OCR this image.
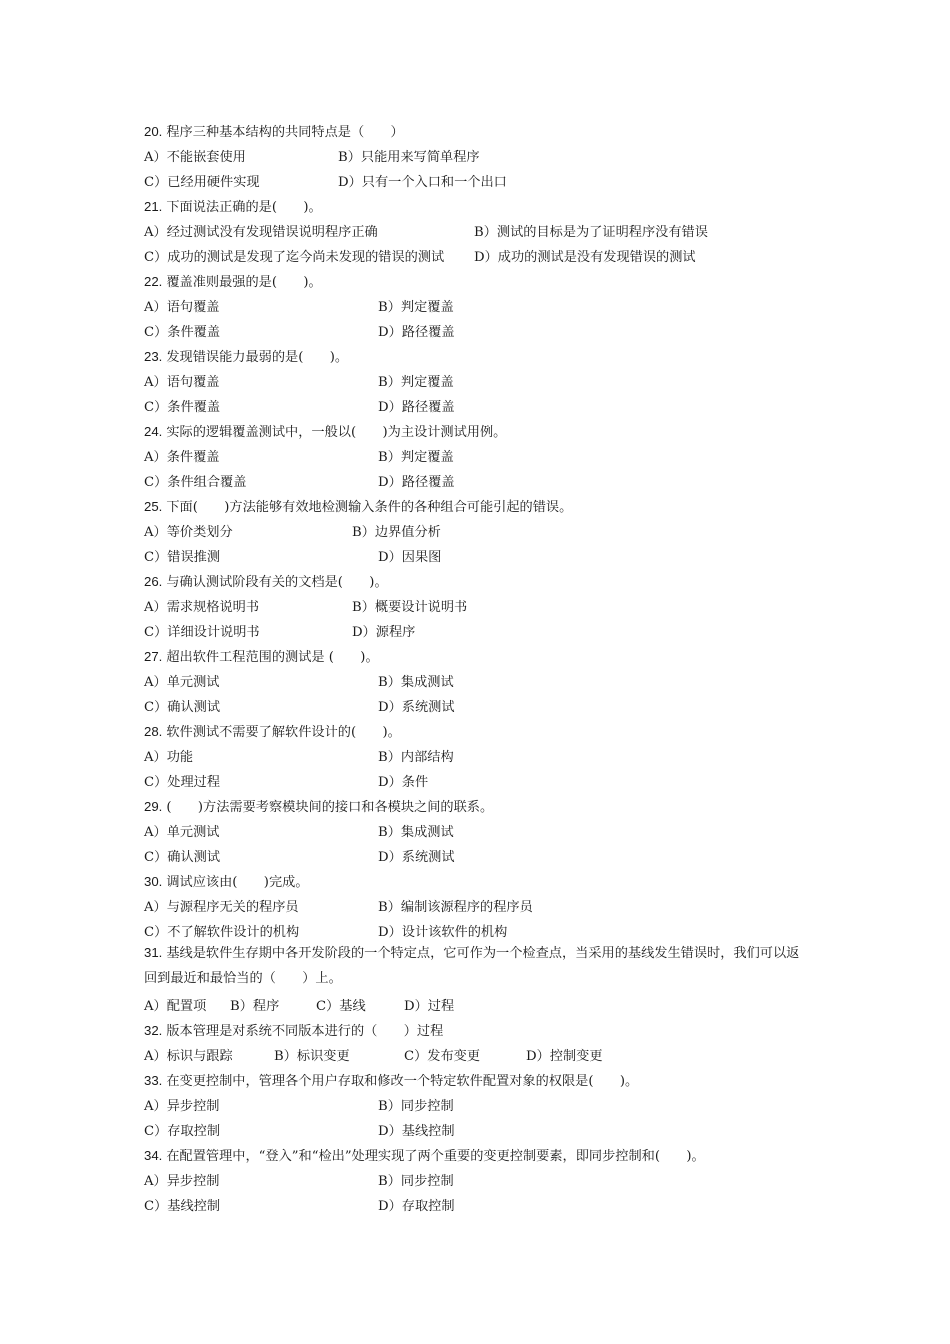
20. 程序三种基本结构的共同特点是（　　）
A）不能嵌套使用	B）只能用来写简单程序
C）已经用硬件实现	D）只有一个入口和一个出口
21. 下面说法正确的是(　　)。
A）经过测试没有发现错误说明程序正确	B）测试的目标是为了证明程序没有错误
C）成功的测试是发现了迄今尚未发现的错误的测试 D）成功的测试是没有发现错误的测试
22. 覆盖准则最强的是(　　)。
A）语句覆盖	B）判定覆盖
C）条件覆盖	D）路径覆盖
23. 发现错误能力最弱的是(　　)。
A）语句覆盖	B）判定覆盖
C）条件覆盖	D）路径覆盖
24. 实际的逻辑覆盖测试中，一般以(　　)为主设计测试用例。
A）条件覆盖	B）判定覆盖
C）条件组合覆盖	D）路径覆盖
25. 下面(　　)方法能够有效地检测输入条件的各种组合可能引起的错误。
A）等价类划分	B）边界值分析
C）错误推测	D）因果图
26. 与确认测试阶段有关的文档是(　　)。
A）需求规格说明书	B）概要设计说明书
C）详细设计说明书	D）源程序
27. 超出软件工程范围的测试是 (　　)。
A）单元测试	B）集成测试
C）确认测试	D）系统测试
28. 软件测试不需要了解软件设计的(　　)。
A）功能	B）内部结构
C）处理过程	D）条件
29. (　　)方法需要考察模块间的接口和各模块之间的联系。
A）单元测试	B）集成测试
C）确认测试	D）系统测试
30. 调试应该由(　　)完成。
A）与源程序无关的程序员	B）编制该源程序的程序员
C）不了解软件设计的机构	D）设计该软件的机构
31. 基线是软件生存期中各开发阶段的一个特定点，它可作为一个检查点，当采用的基线发生错误时，我们可以返回到最近和最恰当的（　　）上。
A）配置项 B）程序	C）基线	D）过程
32. 版本管理是对系统不同版本进行的（　　）过程
A）标识与跟踪	B）标识变更	C）发布变更	D）控制变更
33. 在变更控制中，管理各个用户存取和修改一个特定软件配置对象的权限是(　　)。
A）异步控制	B）同步控制
C）存取控制	D）基线控制
34. 在配置管理中，“登入”和“检出”处理实现了两个重要的变更控制要素，即同步控制和(　　)。
A）异步控制	B）同步控制
C）基线控制	D）存取控制
